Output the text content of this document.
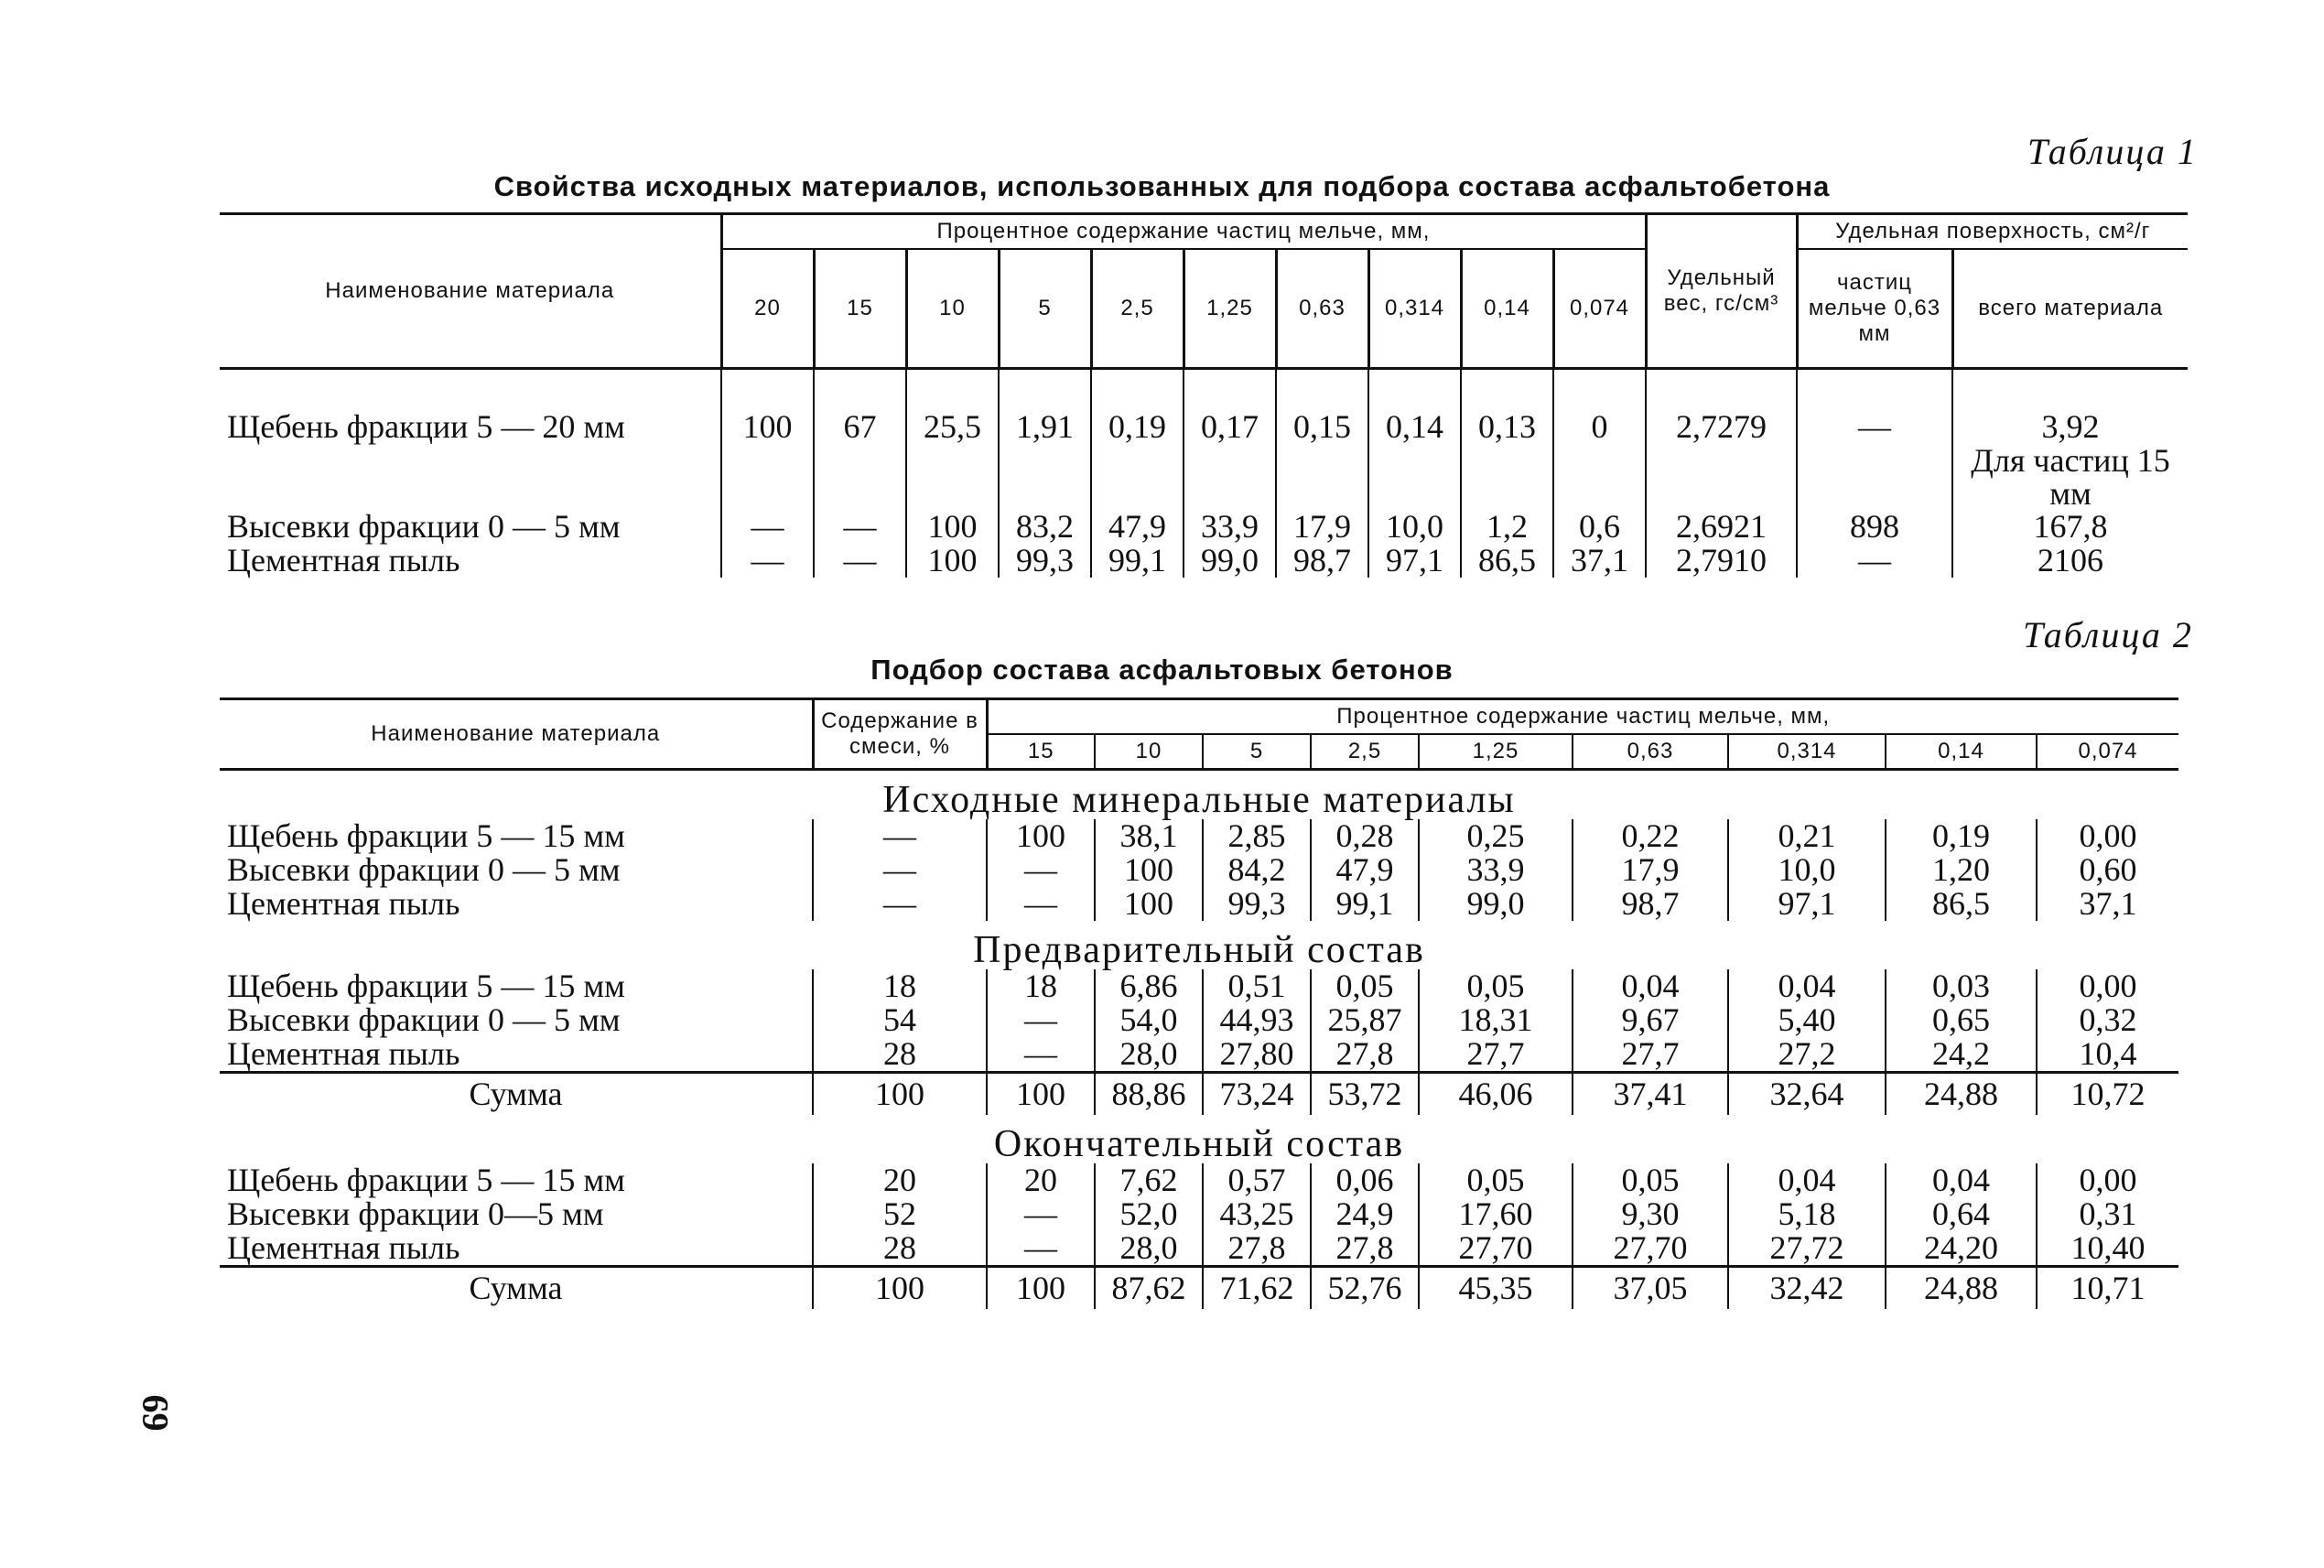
Таблица 1
Свойства исходных материалов, использованных для подбора состава асфальтобетона
Наименование материала	Процентное содержание частиц мельче, мм,										Удельный вес, гс/см³	Удельная поверхность, см²/г	
	20	15	10	5	2,5	1,25	0,63	0,314	0,14	0,074		частиц мельче 0,63 мм	всего материала

Щебень фракции 5 — 20 мм	100	67	25,5	1,91	0,19	0,17	0,15	0,14	0,13	0	2,7279	—	3,92
Для частиц 15 мм

Высевки фракции 0 — 5 мм	—	—	100	83,2	47,9	33,9	17,9	10,0	1,2	0,6	2,6921	898	167,8
Цементная пыль	—	—	100	99,3	99,1	99,0	98,7	97,1	86,5	37,1	2,7910	—	2106
Таблица 2
Подбор состава асфальтовых бетонов
Наименование материала	Содержание в смеси, %	Процентное содержание частиц мельче, мм,								
		15	10	5	2,5	1,25	0,63	0,314	0,14	0,074
Исходные минеральные материалы										
Щебень фракции 5 — 15 мм	—	100	38,1	2,85	0,28	0,25	0,22	0,21	0,19	0,00
Высевки фракции 0 — 5 мм	—	—	100	84,2	47,9	33,9	17,9	10,0	1,20	0,60
Цементная пыль	—	—	100	99,3	99,1	99,0	98,7	97,1	86,5	37,1
Предварительный состав										
Щебень фракции 5 — 15 мм	18	18	6,86	0,51	0,05	0,05	0,04	0,04	0,03	0,00
Высевки фракции 0 — 5 мм	54	—	54,0	44,93	25,87	18,31	9,67	5,40	0,65	0,32
Цементная пыль	28	—	28,0	27,80	27,8	27,7	27,7	27,2	24,2	10,4
Сумма	100	100	88,86	73,24	53,72	46,06	37,41	32,64	24,88	10,72
Окончательный состав										
Щебень фракции 5 — 15 мм	20	20	7,62	0,57	0,06	0,05	0,05	0,04	0,04	0,00
Высевки фракции 0—5 мм	52	—	52,0	43,25	24,9	17,60	9,30	5,18	0,64	0,31
Цементная пыль	28	—	28,0	27,8	27,8	27,70	27,70	27,72	24,20	10,40
Сумма	100	100	87,62	71,62	52,76	45,35	37,05	32,42	24,88	10,71
69
